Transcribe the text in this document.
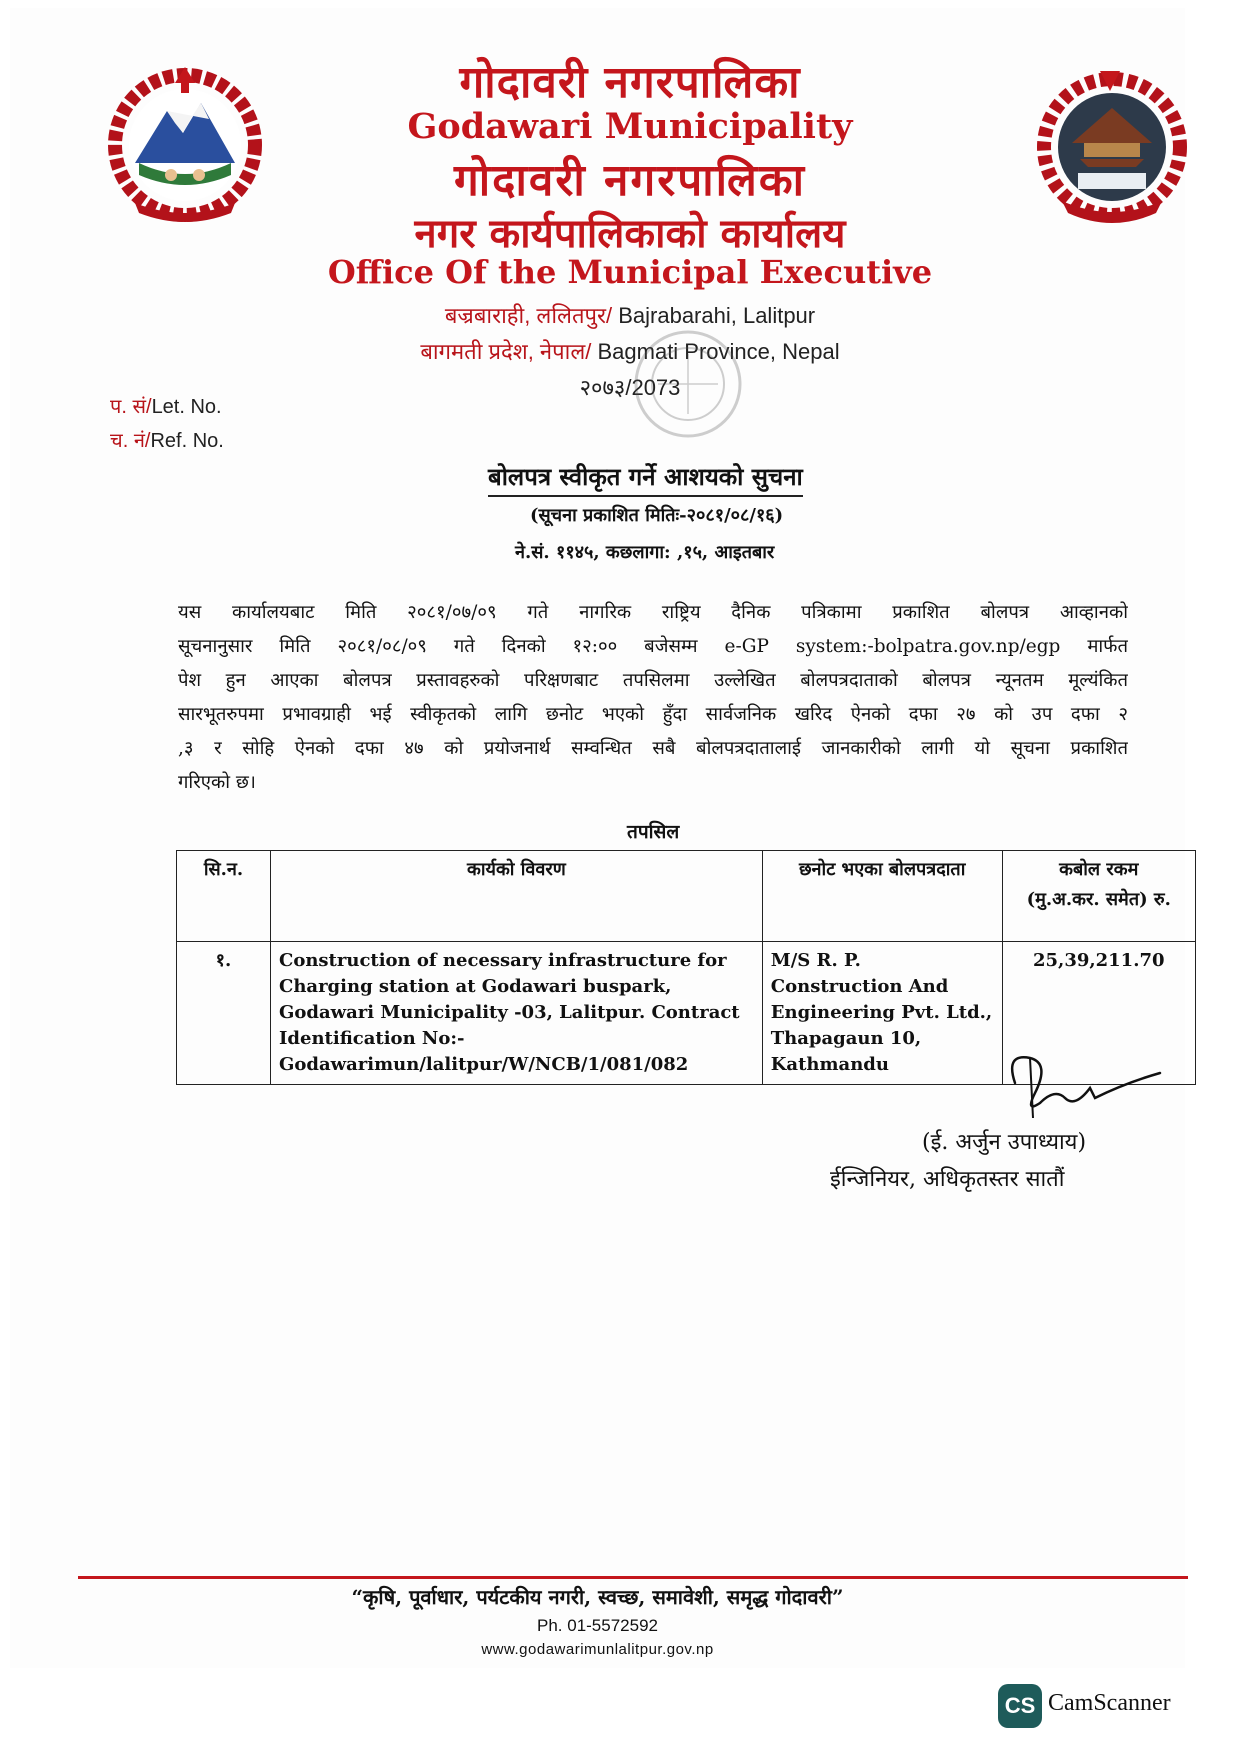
गोदावरी नगरपालिका
Godawari Municipality
गोदावरी नगरपालिका
नगर कार्यपालिकाको कार्यालय
Office Of the Municipal Executive
बज्रबाराही, ललितपुर/ Bajrabarahi, Lalitpur
बागमती प्रदेश, नेपाल/ Bagmati Province, Nepal
२०७३/2073
प. सं/Let. No.
च. नं/Ref. No.
बोलपत्र स्वीकृत गर्ने आशयको सुचना
(सूचना प्रकाशित मितिः-२०८१/०८/१६)
ने.सं. ११४५, कछलागा: ,१५, आइतबार
यस कार्यालयबाट मिति २०८१/०७/०९ गते नागरिक राष्ट्रिय दैनिक पत्रिकामा प्रकाशित बोलपत्र आव्हानको
सूचनानुसार मिति २०८१/०८/०९ गते दिनको १२:०० बजेसम्म e-GP system:-bolpatra.gov.np/egp मार्फत
पेश हुन आएका बोलपत्र प्रस्तावहरुको परिक्षणबाट तपसिलमा उल्लेखित बोलपत्रदाताको बोलपत्र न्यूनतम मूल्यंकित
सारभूतरुपमा प्रभावग्राही भई स्वीकृतको लागि छनोट भएको हुँदा सार्वजनिक खरिद ऐनको दफा २७ को उप दफा २
,३ र सोहि ऐनको दफा ४७ को प्रयोजनार्थ सम्वन्धित सबै बोलपत्रदातालाई जानकारीको लागी यो सूचना प्रकाशित
गरिएको छ।
तपसिल
सि.न.	कार्यको विवरण	छनोट भएका बोलपत्रदाता	कबोल रकम
(मु.अ.कर. समेत) रु.

१.	Construction of necessary infrastructure for Charging station at Godawari buspark, Godawari Municipality -03, Lalitpur. Contract Identification No:- Godawarimun/lalitpur/W/NCB/1/081/082	M/S R. P. Construction And Engineering Pvt. Ltd., Thapagaun 10, Kathmandu	25,39,211.70
(ई. अर्जुन उपाध्याय)
ईन्जिनियर, अधिकृतस्तर सातौं
“कृषि, पूर्वाधार, पर्यटकीय नगरी, स्वच्छ, समावेशी, समृद्ध गोदावरी”
Ph. 01-5572592
www.godawarimunlalitpur.gov.np
CS CamScanner
